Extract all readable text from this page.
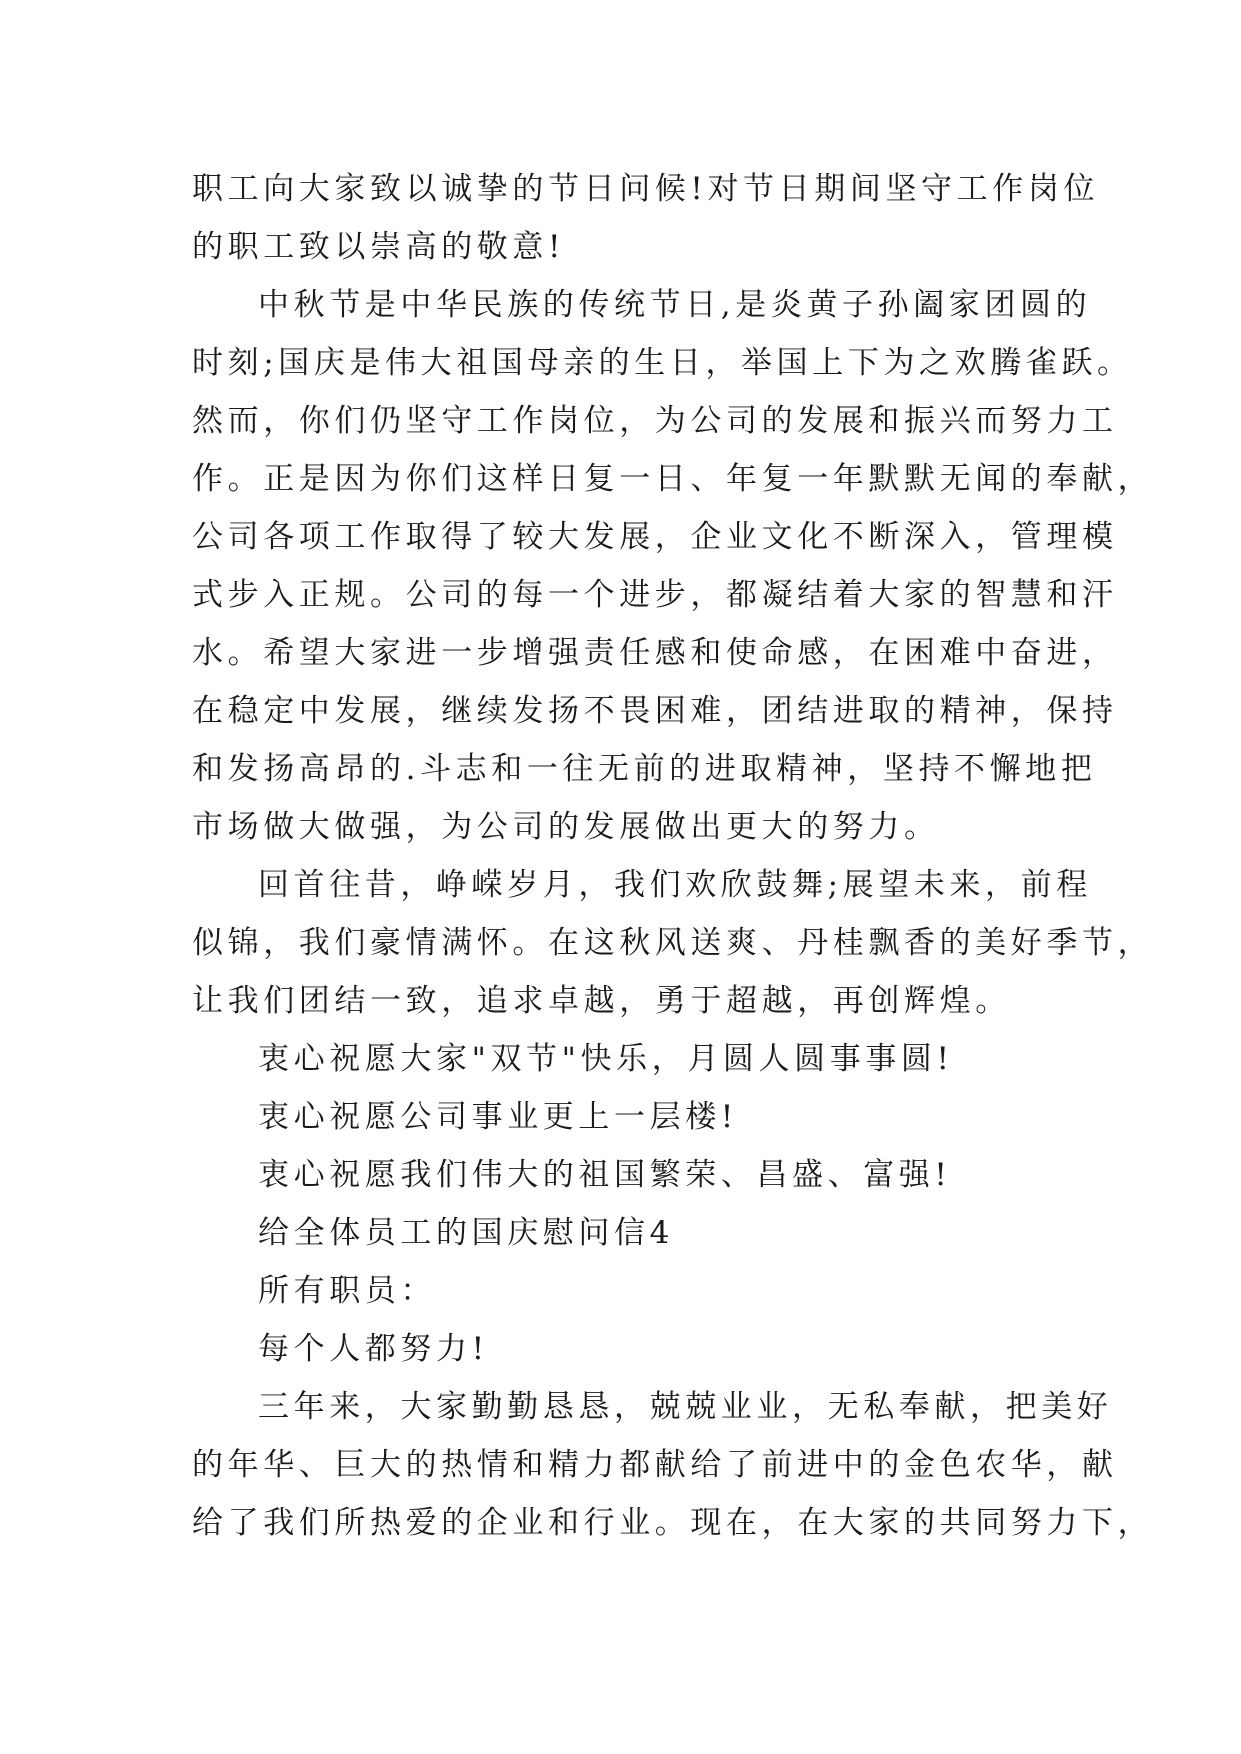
职工向大家致以诚挚的节日问候!对节日期间坚守工作岗位
的职工致以崇高的敬意!
中秋节是中华民族的传统节日,是炎黄子孙阖家团圆的
时刻;国庆是伟大祖国母亲的生日，举国上下为之欢腾雀跃。
然而，你们仍坚守工作岗位，为公司的发展和振兴而努力工
作。正是因为你们这样日复一日、年复一年默默无闻的奉献，
公司各项工作取得了较大发展，企业文化不断深入，管理模
式步入正规。公司的每一个进步，都凝结着大家的智慧和汗
水。希望大家进一步增强责任感和使命感，在困难中奋进，
在稳定中发展，继续发扬不畏困难，团结进取的精神，保持
和发扬高昂的.斗志和一往无前的进取精神，坚持不懈地把
市场做大做强，为公司的发展做出更大的努力。
回首往昔，峥嵘岁月，我们欢欣鼓舞;展望未来，前程
似锦，我们豪情满怀。在这秋风送爽、丹桂飘香的美好季节，
让我们团结一致，追求卓越，勇于超越，再创辉煌。
衷心祝愿大家"双节"快乐，月圆人圆事事圆!
衷心祝愿公司事业更上一层楼!
衷心祝愿我们伟大的祖国繁荣、昌盛、富强!
给全体员工的国庆慰问信4
所有职员：
每个人都努力!
三年来，大家勤勤恳恳，兢兢业业，无私奉献，把美好
的年华、巨大的热情和精力都献给了前进中的金色农华，献
给了我们所热爱的企业和行业。现在，在大家的共同努力下，
